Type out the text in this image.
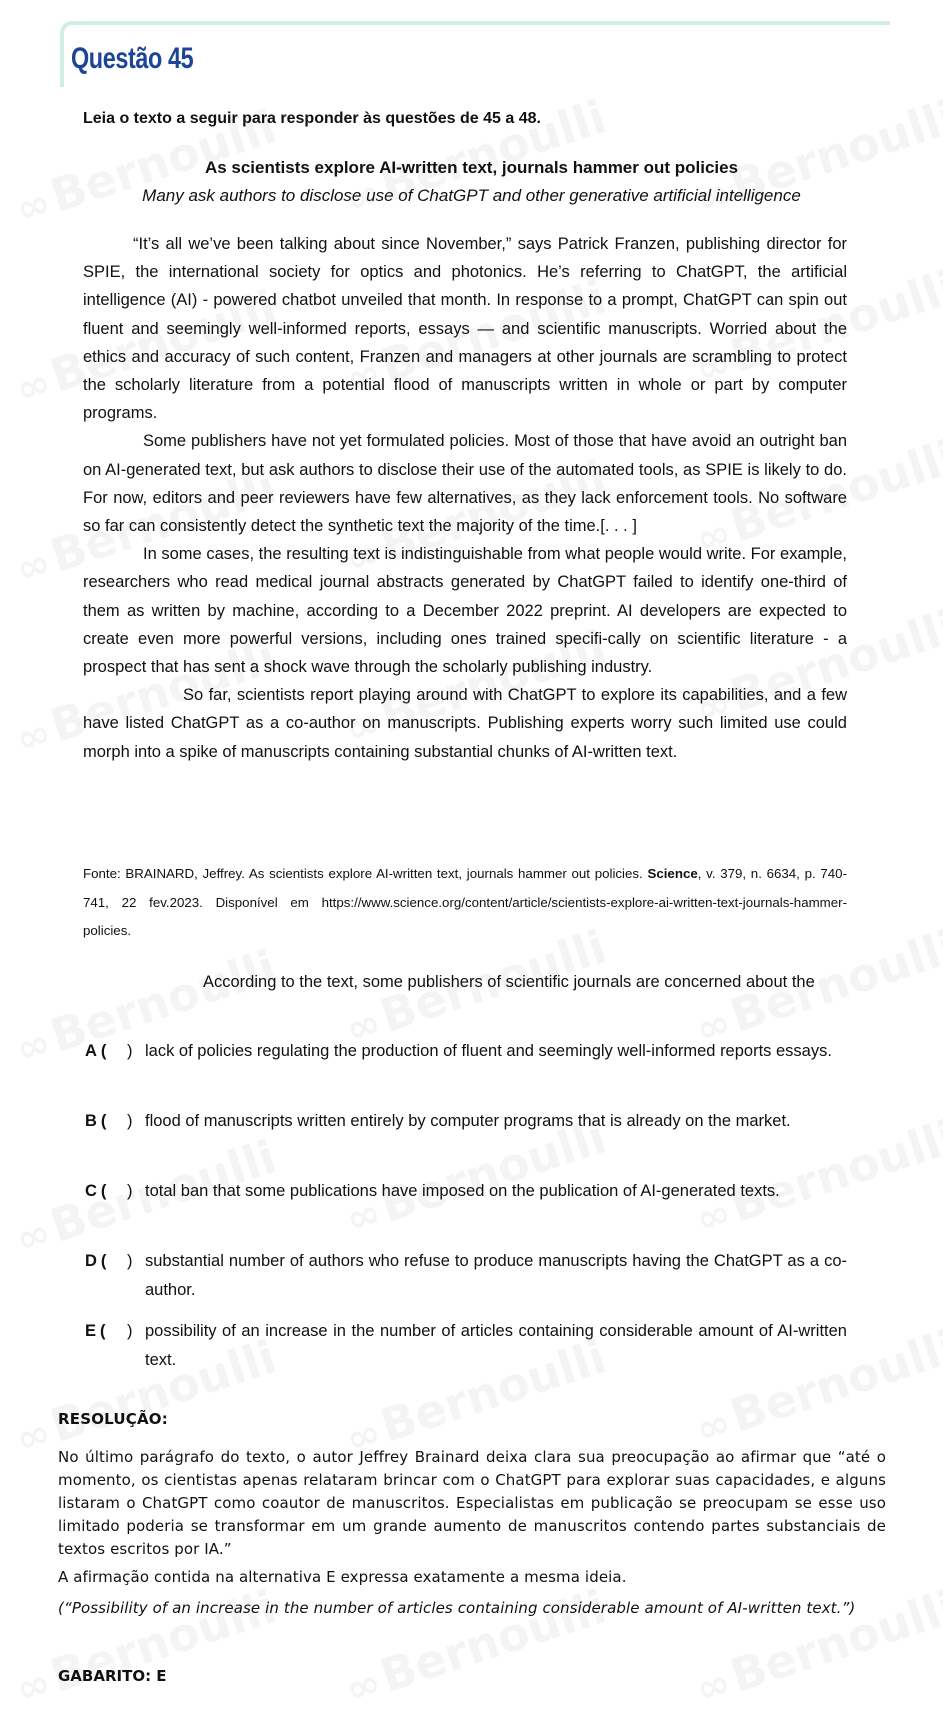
Questão 45
Leia o texto a seguir para responder às questões de 45 a 48.
As scientists explore AI-written text, journals hammer out policies
Many ask authors to disclose use of ChatGPT and other generative artificial intelligence

“It’s all we’ve been talking about since November,” says Patrick Franzen, publishing director for SPIE, the international society for optics and photonics. He’s referring to ChatGPT, the artificial intelligence (AI) - powered chatbot unveiled that month. In response to a prompt, ChatGPT can spin out fluent and seemingly well-informed reports, essays — and scientific manuscripts. Worried about the ethics and accuracy of such content, Franzen and managers at other journals are scrambling to protect the scholarly literature from a potential flood of manuscripts written in whole or part by computer programs.

Some publishers have not yet formulated policies. Most of those that have avoid an outright ban on AI-generated text, but ask authors to disclose their use of the automated tools, as SPIE is likely to do. For now, editors and peer reviewers have few alternatives, as they lack enforcement tools. No software so far can consistently detect the synthetic text the majority of the time.[. . . ]

In some cases, the resulting text is indistinguishable from what people would write. For example, researchers who read medical journal abstracts generated by ChatGPT failed to identify one-third of them as written by machine, according to a December 2022 preprint. AI developers are expected to create even more powerful versions, including ones trained specifi-cally on scientific literature - a prospect that has sent a shock wave through the scholarly publishing industry.

So far, scientists report playing around with ChatGPT to explore its capabilities, and a few have listed ChatGPT as a co-author on manuscripts. Publishing experts worry such limited use could morph into a spike of manuscripts containing substantial chunks of AI-written text.

Fonte: BRAINARD, Jeffrey. As scientists explore AI-written text, journals hammer out policies. Science, v. 379, n. 6634, p. 740-741, 22 fev.2023. Disponível em https://www.science.org/content/article/scientists-explore-ai-written-text-journals-hammer-policies.
According to the text, some publishers of scientific journals are concerned about the
A ( ) lack of policies regulating the production of fluent and seemingly well-informed reports essays.
B ( ) flood of manuscripts written entirely by computer programs that is already on the market.
C ( ) total ban that some publications have imposed on the publication of AI-generated texts.
D ( ) substantial number of authors who refuse to produce manuscripts having the ChatGPT as a co-author.
E ( ) possibility of an increase in the number of articles containing considerable amount of AI-written text.
RESOLUÇÃO:
No último parágrafo do texto, o autor Jeffrey Brainard deixa clara sua preocupação ao afirmar que “até o momento, os cientistas apenas relataram brincar com o ChatGPT para explorar suas capacidades, e alguns listaram o ChatGPT como coautor de manuscritos. Especialistas em publicação se preocupam se esse uso limitado poderia se transformar em um grande aumento de manuscritos contendo partes substanciais de textos escritos por IA.”
A afirmação contida na alternativa E expressa exatamente a mesma ideia.
(“Possibility of an increase in the number of articles containing considerable amount of AI-written text.”)
GABARITO: E
